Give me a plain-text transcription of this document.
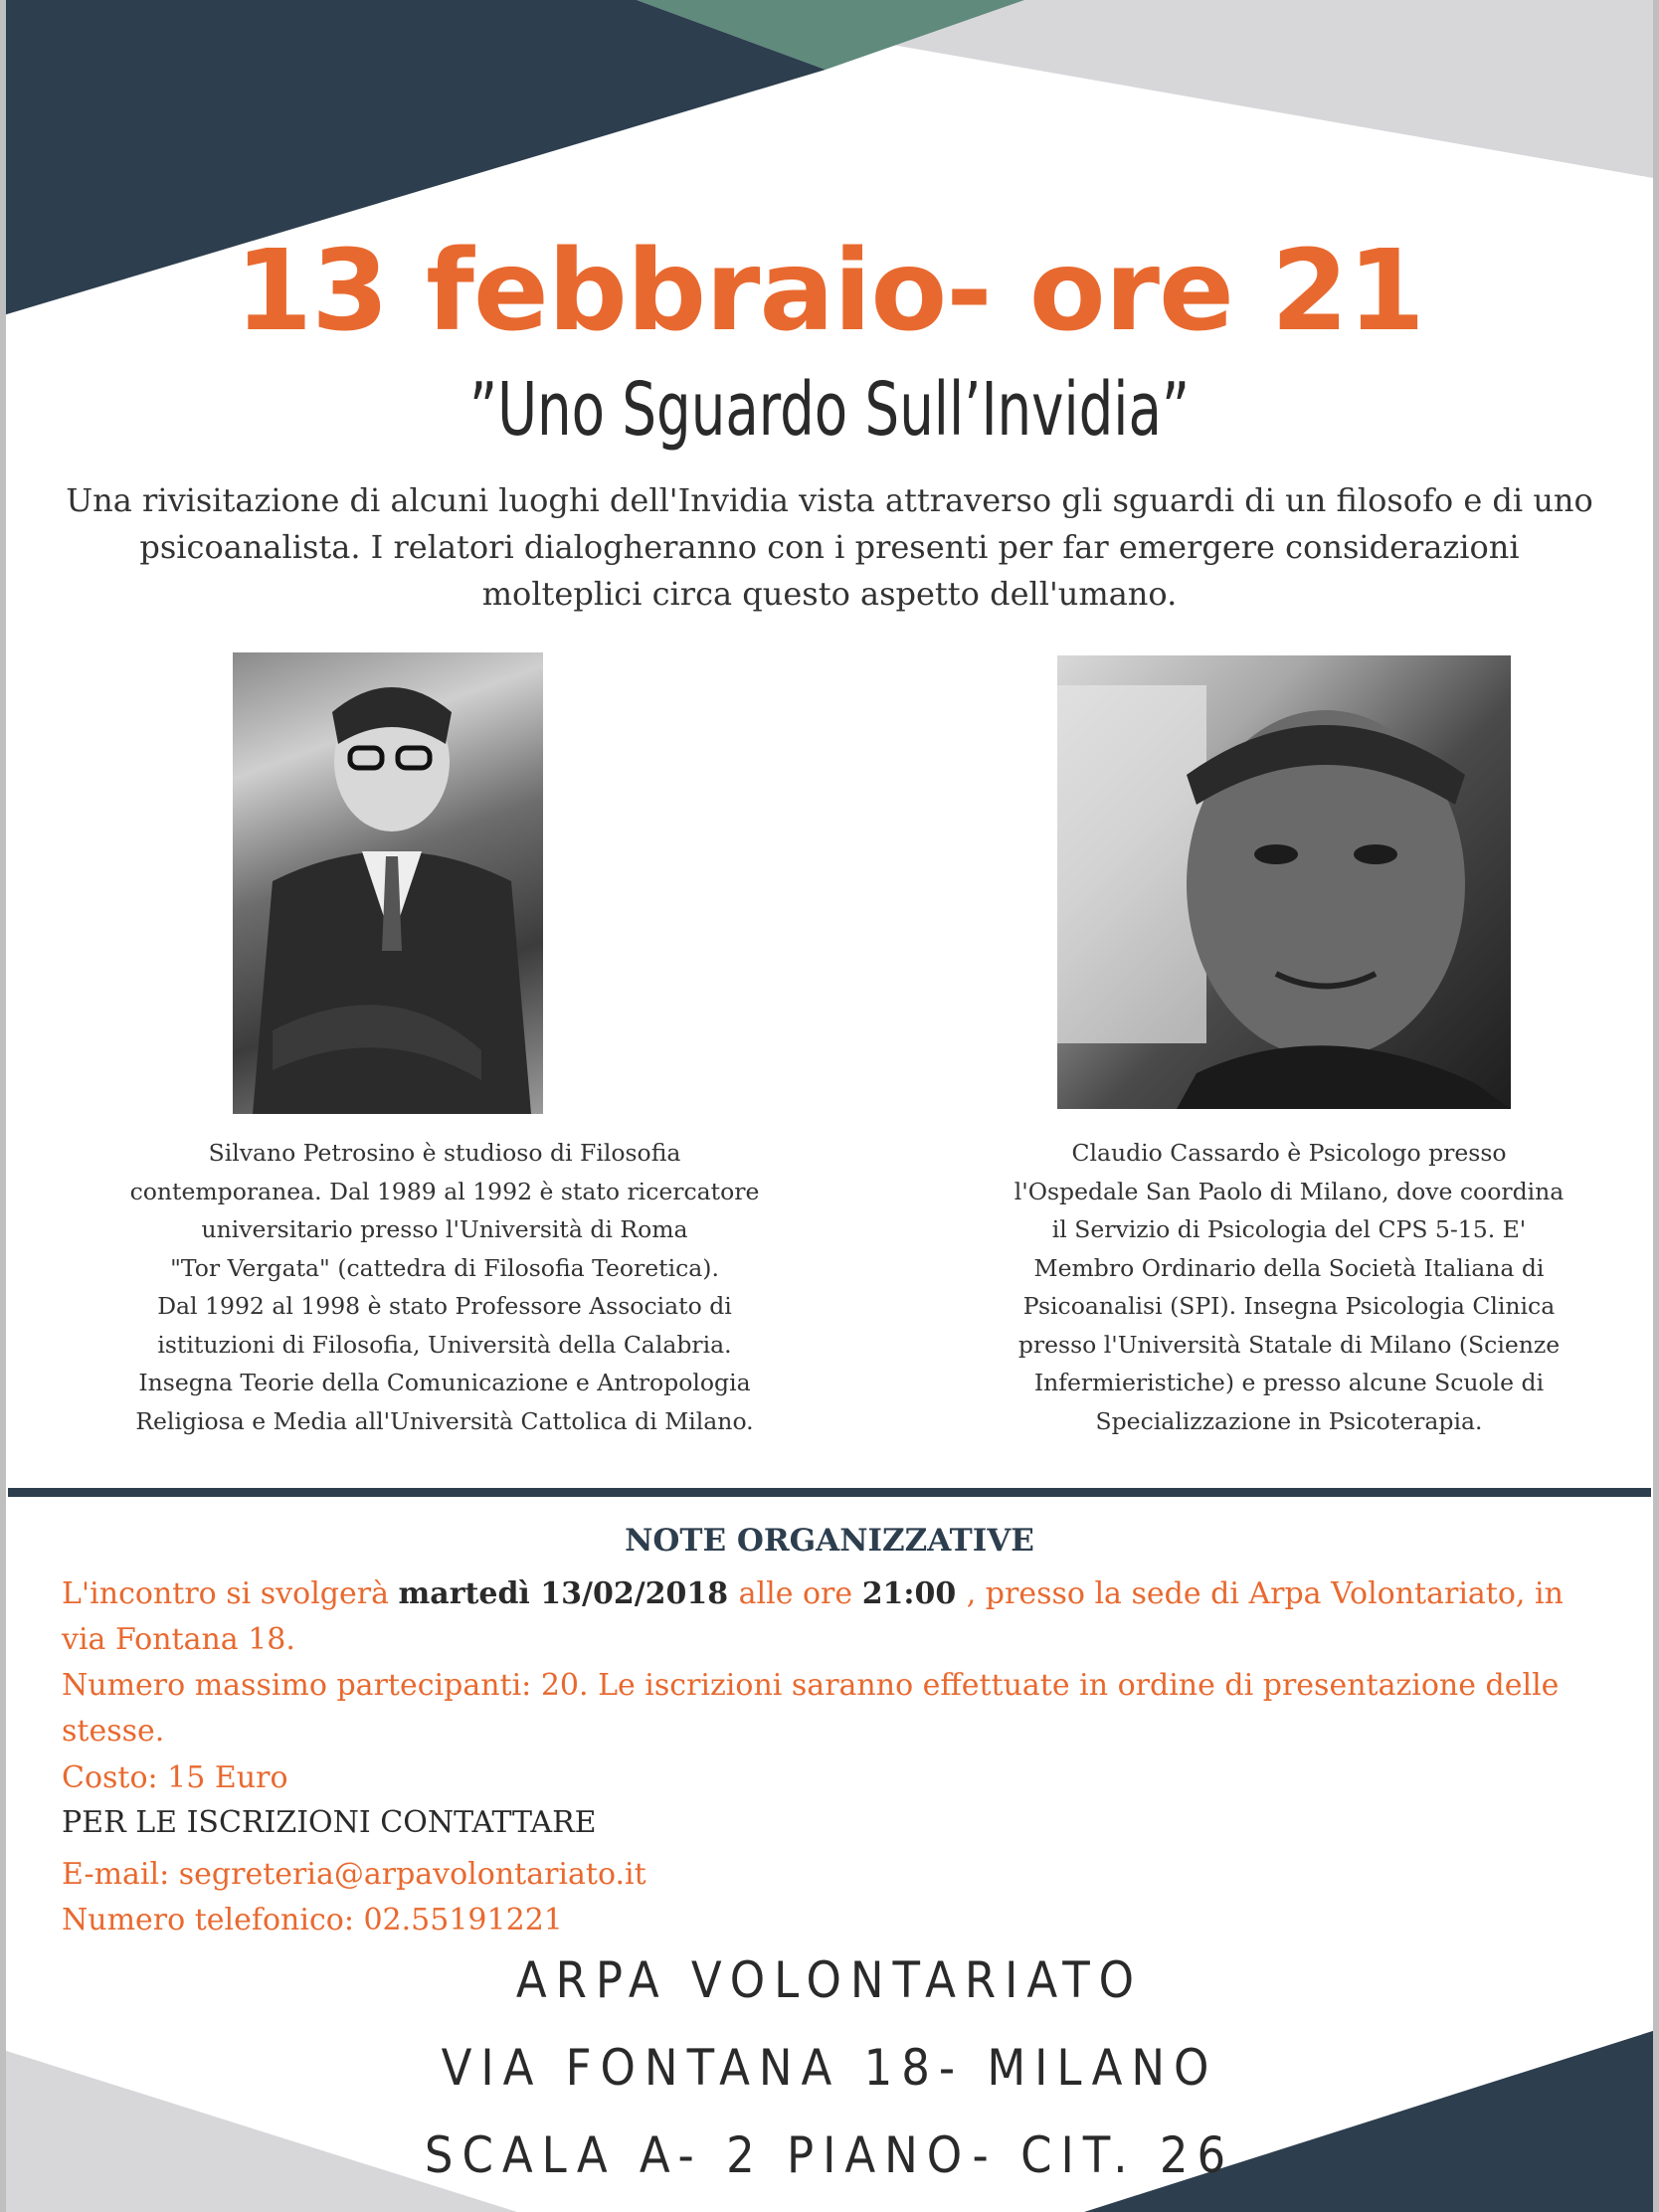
13 febbraio- ore 21
”Uno Sguardo Sull’Invidia”
Una rivisitazione di alcuni luoghi dell'Invidia vista attraverso gli sguardi di un filosofo e di uno psicoanalista. I relatori dialogheranno con i presenti per far emergere considerazioni molteplici circa questo aspetto dell'umano.
Silvano Petrosino è studioso di Filosofia
contemporanea. Dal 1989 al 1992 è stato ricercatore
universitario presso l'Università di Roma
"Tor Vergata" (cattedra di Filosofia Teoretica).
Dal 1992 al 1998 è stato Professore Associato di
istituzioni di Filosofia, Università della Calabria.
Insegna Teorie della Comunicazione e Antropologia
Religiosa e Media all'Università Cattolica di Milano.
Claudio Cassardo è Psicologo presso
l'Ospedale San Paolo di Milano, dove coordina
il Servizio di Psicologia del CPS 5-15. E'
Membro Ordinario della Società Italiana di
Psicoanalisi (SPI). Insegna Psicologia Clinica
presso l'Università Statale di Milano (Scienze
Infermieristiche) e presso alcune Scuole di
Specializzazione in Psicoterapia.
NOTE ORGANIZZATIVE
L'incontro si svolgerà martedì 13/02/2018 alle ore 21:00 , presso la sede di Arpa Volontariato, in via Fontana 18.
Numero massimo partecipanti: 20. Le iscrizioni saranno effettuate in ordine di presentazione delle stesse.
Costo: 15 Euro
PER LE ISCRIZIONI CONTATTARE
E-mail: segreteria@arpavolontariato.it
Numero telefonico: 02.55191221
ARPA VOLONTARIATO
VIA FONTANA 18- MILANO
SCALA A- 2 PIANO- CIT. 26
